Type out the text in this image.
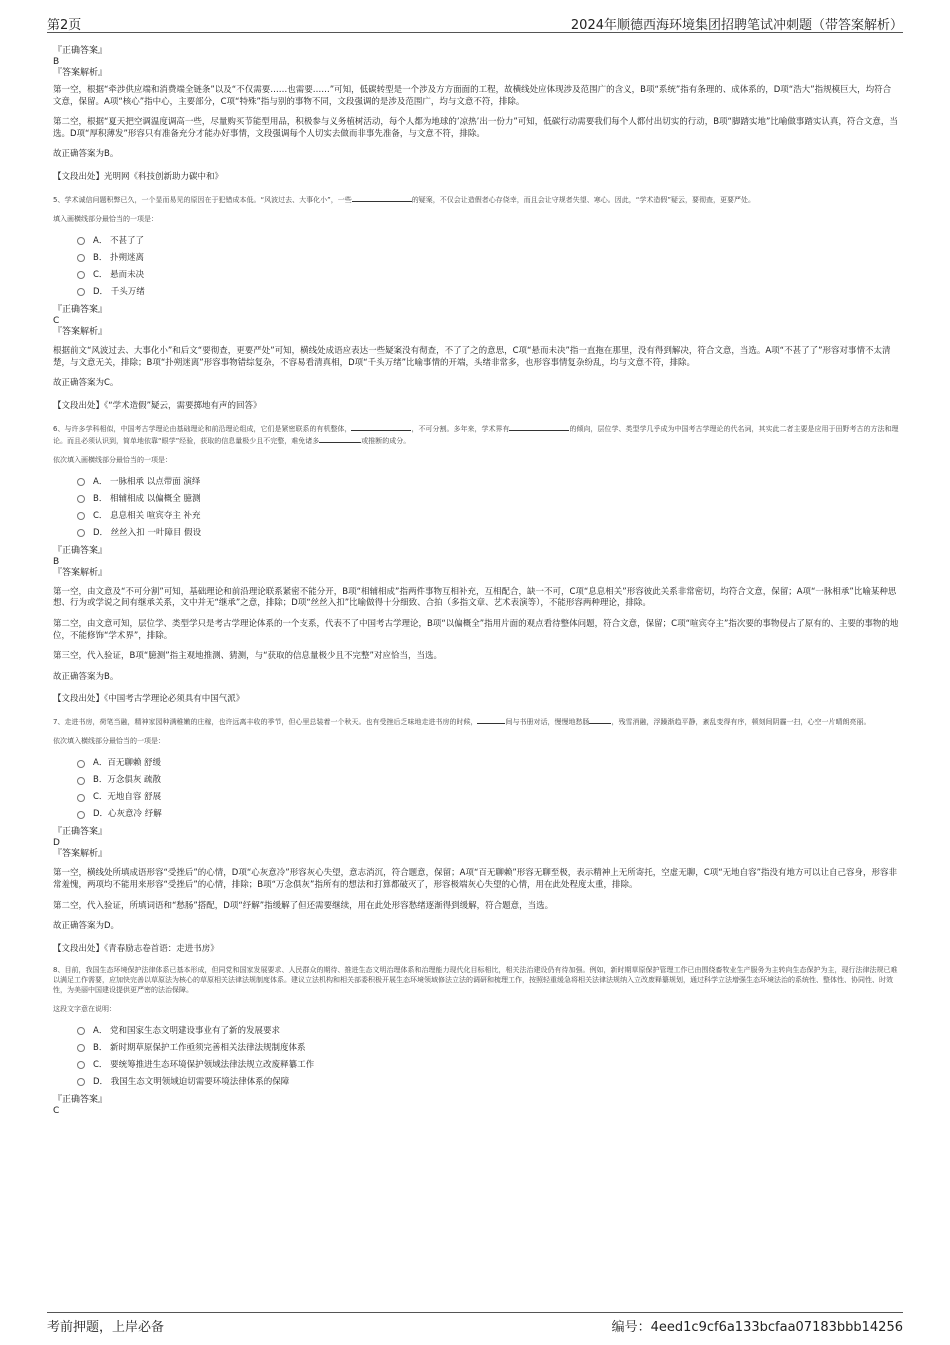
第2页	2024年顺德西海环境集团招聘笔试冲刺题（带答案解析）
『正确答案』
B
『答案解析』
第一空，根据“牵涉供应端和消费端全链条”以及“不仅需要……也需要……”可知，低碳转型是一个涉及方方面面的工程，故横线处应体现涉及范围广的含义，B项“系统”指有条理的、成体系的，D项“浩大”指规模巨大，均符合文意，保留。A项“核心”指中心，主要部分，C项“特殊”指与别的事物不同，文段强调的是涉及范围广，均与文意不符，排除。
第二空，根据“夏天把空调温度调高一些，尽量购买节能型用品，积极参与义务植树活动，每个人都为地球的’凉热’出一份力”可知，低碳行动需要我们每个人都付出切实的行动，B项“脚踏实地”比喻做事踏实认真，符合文意，当选。D项“厚积薄发”形容只有准备充分才能办好事情，文段强调每个人切实去做而非事先准备，与文意不符，排除。
故正确答案为B。
【文段出处】光明网《科技创新助力碳中和》
5、学术诚信问题积弊已久，一个显而易见的原因在于犯错成本低。“风波过去、大事化小”，一些	的疑案，不仅会让造假者心存侥幸，而且会让守规者失望、寒心。因此，“学术造假”疑云，要彻查，更要严处。
填入画横线部分最恰当的一项是：
A． 不甚了了
B． 扑朔迷离
C． 悬而未决
D． 千头万绪
『正确答案』
C
『答案解析』
根据前文“风波过去、大事化小”和后文“要彻查，更要严处”可知，横线处成语应表达一些疑案没有彻查，不了了之的意思，C项“悬而未决”指一直拖在那里，没有得到解决，符合文意，当选。A项“不甚了了”形容对事情不太清楚，与文意无关，排除；B项“扑朔迷离”形容事物错综复杂，不容易看清真相，D项“千头万绪”比喻事情的开端，头绪非常多，也形容事情复杂纷乱，均与文意不符，排除。
故正确答案为C。
【文段出处】《“学术造假”疑云，需要掷地有声的回答》
6、与许多学科相似，中国考古学理论由基础理论和前沿理论组成，它们是紧密联系的有机整体，	，不可分割。多年来，学术界有	的倾向，层位学、类型学几乎成为中国考古学理论的代名词，其实此二者主要是应用于田野考古的方法和理论。而且必须认识到，简单地依靠“眼学”经验，获取的信息量极少且不完整，难免诸多	或推断的成分。
依次填入画横线部分最恰当的一项是：
A． 一脉相承 以点带面 演绎
B． 相辅相成 以偏概全 臆测
C． 息息相关 喧宾夺主 补充
D． 丝丝入扣 一叶障目 假设
『正确答案』
B
『答案解析』
第一空，由文意及“不可分割”可知，基础理论和前沿理论联系紧密不能分开，B项“相辅相成”指两件事物互相补充，互相配合，缺一不可，C项“息息相关”形容彼此关系非常密切，均符合文意，保留；A项“一脉相承”比喻某种思想、行为或学说之间有继承关系，文中并无“继承”之意，排除；D项“丝丝入扣”比喻做得十分细致、合拍（多指文章、艺术表演等），不能形容两种理论，排除。
第二空，由文意可知，层位学、类型学只是考古学理论体系的一个支系，代表不了中国考古学理论，B项“以偏概全”指用片面的观点看待整体问题，符合文意，保留；C项“喧宾夺主”指次要的事物侵占了原有的、主要的事物的地位，不能修饰“学术界”，排除。
第三空，代入验证，B项“臆测”指主观地推测、猜测，与“获取的信息量极少且不完整”对应恰当，当选。
故正确答案为B。
【文段出处】《中国考古学理论必须具有中国气派》
7、走进书房，荷笔当融，精神家园种满稚嫩的庄稼，也许远离丰收的季节，但心里总装着一个秋天。也有受挫后乏味地走进书房的时候，	间与书册对话，慢慢地愁肠	，残雪消融，浮躁渐趋平静，紊乱变得有序，顿刻间阴霾一扫，心空一片晴朗亮丽。
依次填入横线部分最恰当的一项是：
A．百无聊赖 舒缓
B．万念俱灰 疏散
C．无地自容 舒展
D．心灰意冷 纾解
『正确答案』
D
『答案解析』
第一空，横线处所填成语形容“受挫后”的心情，D项“心灰意冷”形容灰心失望，意志消沉，符合题意，保留；A项“百无聊赖”形容无聊至极，表示精神上无所寄托，空虚无聊，C项“无地自容”指没有地方可以让自己容身，形容非常羞愧，两项均不能用来形容“受挫后”的心情，排除；B项“万念俱灰”指所有的想法和打算都破灭了，形容极端灰心失望的心情，用在此处程度太重，排除。
第二空，代入验证，所填词语和“愁肠”搭配，D项“纾解”指缓解了但还需要继续，用在此处形容愁绪逐渐得到缓解，符合题意，当选。
故正确答案为D。
【文段出处】《青春励志卷首语：走进书房》
8、目前，我国生态环境保护法律体系已基本形成，但同党和国家发展要求、人民群众的期待、推进生态文明治理体系和治理能力现代化目标相比，相关法治建设仍有待加强。例如，新时期草原保护管理工作已由围绕畜牧业生产服务为主转向生态保护为主，现行法律法规已难以满足工作需要，应加快完善以草原法为核心的草原相关法律法规制度体系。建议立法机构和相关部委积极开展生态环境领域修法立法的调研和梳理工作，按照轻重缓急将相关法律法规纳入立改废释纂规划，通过科学立法增强生态环境法治的系统性、整体性、协同性、时效性，为美丽中国建设提供更严密的法治保障。
这段文字意在说明：
A． 党和国家生态文明建设事业有了新的发展要求
B． 新时期草原保护工作亟须完善相关法律法规制度体系
C． 要统筹推进生态环境保护领域法律法规立改废释纂工作
D． 我国生态文明领域迫切需要环境法律体系的保障
『正确答案』
C
考前押题，上岸必备	编号：4eed1c9cf6a133bcfaa07183bbb14256
